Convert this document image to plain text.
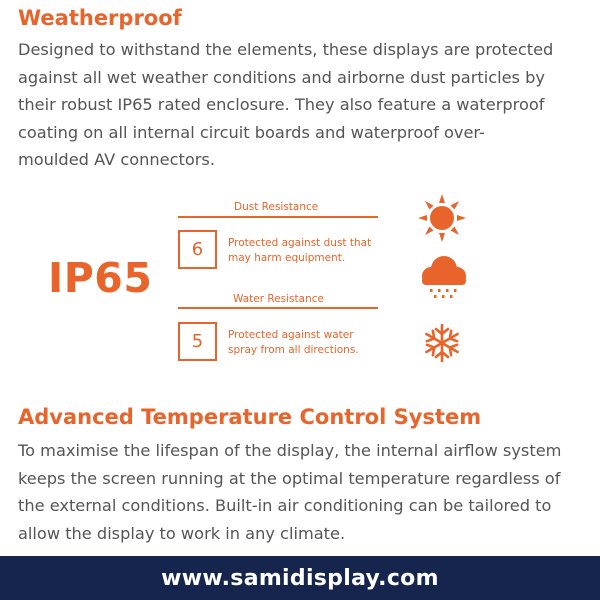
Weatherproof

Designed to withstand the elements, these displays are protected
against all wet weather conditions and airborne dust particles by
their robust IP65 rated enclosure. They also feature a waterproof
coating on all internal circuit boards and waterproof over-
moulded AV connectors.

IP65
Dust Resistance
6	Protected against dust that
may harm equipment.
Water Resistance
5	Protected against water
spray from all directions.
Advanced Temperature Control System

To maximise the lifespan of the display, the internal airflow system
keeps the screen running at the optimal temperature regardless of
the external conditions. Built-in air conditioning can be tailored to
allow the display to work in any climate.

www.samidisplay.com
